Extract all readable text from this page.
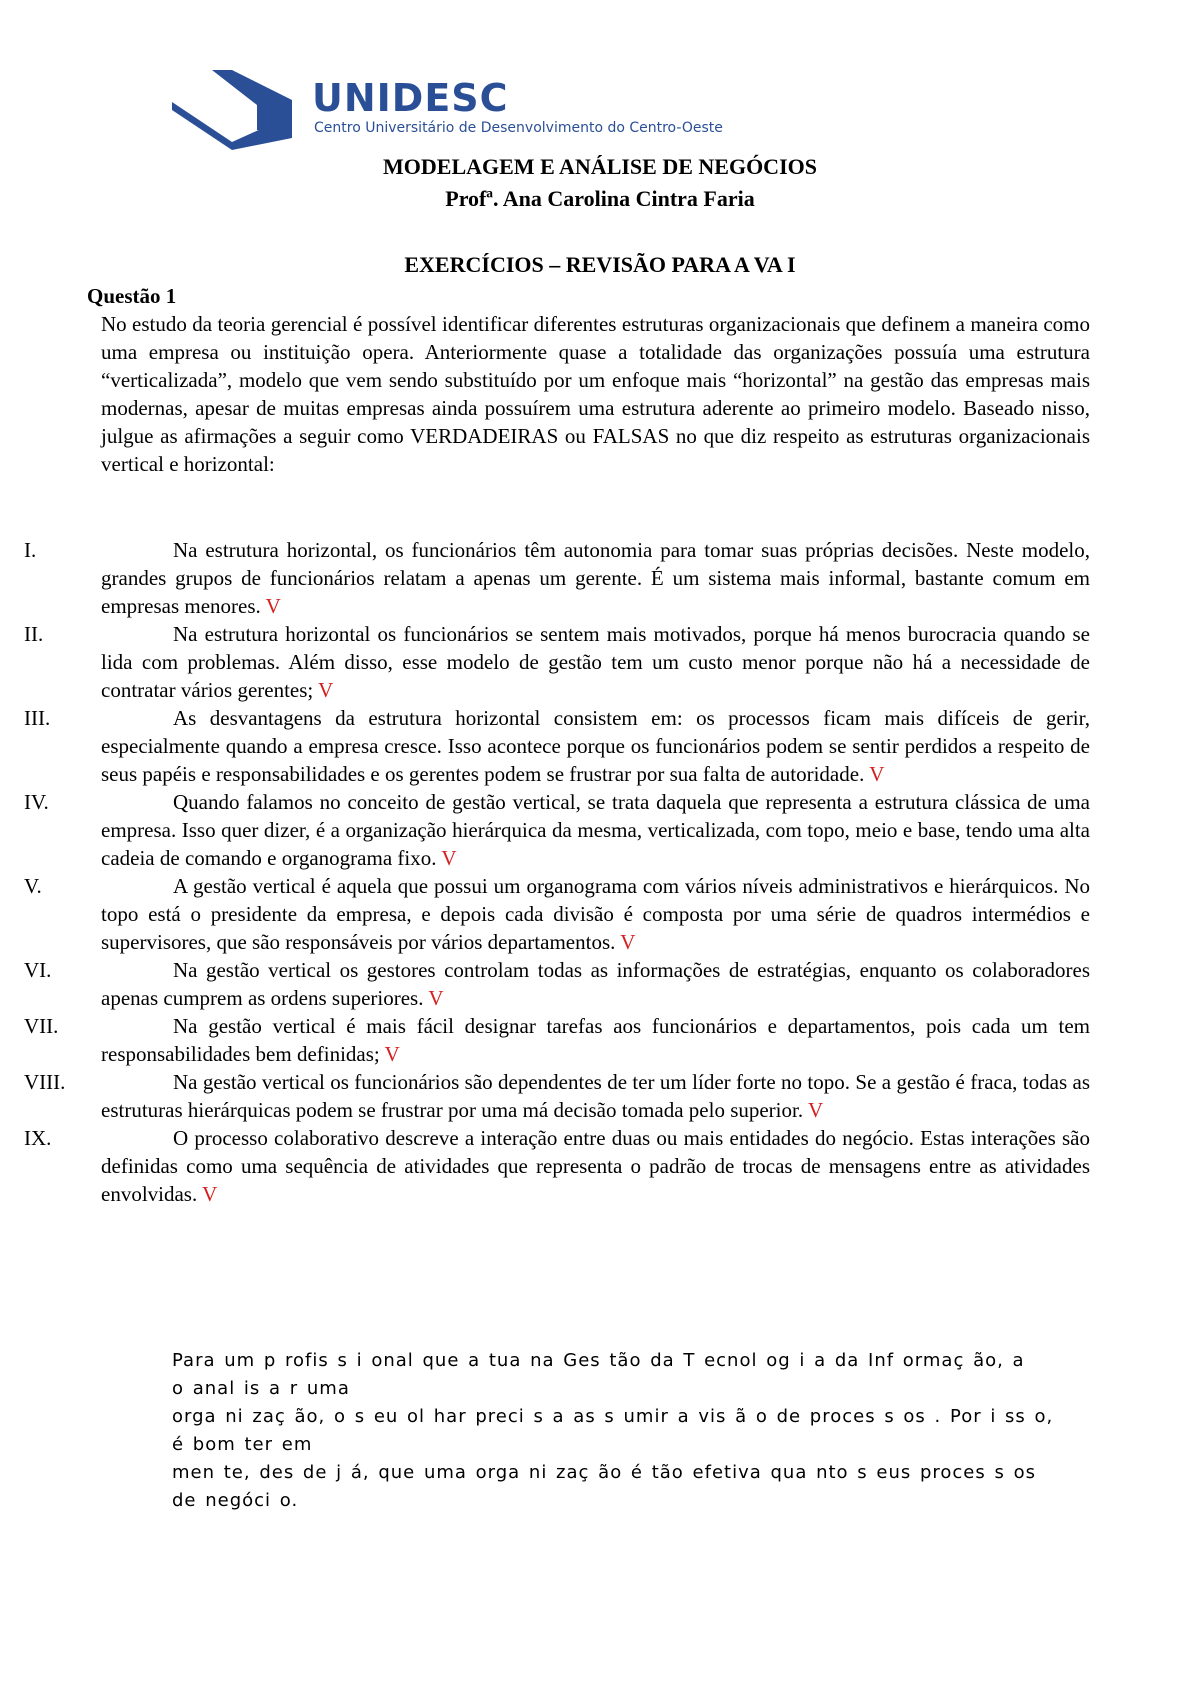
UNIDESC
Centro Universitário de Desenvolvimento do Centro-Oeste
MODELAGEM E ANÁLISE DE NEGÓCIOS
Profª. Ana Carolina Cintra Faria
EXERCÍCIOS – REVISÃO PARA A VA I
Questão 1
No estudo da teoria gerencial é possível identificar diferentes estruturas organizacionais que definem a maneira como uma empresa ou instituição opera. Anteriormente quase a totalidade das organizações possuía uma estrutura “verticalizada”, modelo que vem sendo substituído por um enfoque mais “horizontal” na gestão das empresas mais modernas, apesar de muitas empresas ainda possuírem uma estrutura aderente ao primeiro modelo. Baseado nisso, julgue as afirmações a seguir como VERDADEIRAS ou FALSAS no que diz respeito as estruturas organizacionais vertical e horizontal:
I.	Na estrutura horizontal, os funcionários têm autonomia para tomar suas próprias decisões. Neste modelo, grandes grupos de funcionários relatam a apenas um gerente. É um sistema mais informal, bastante comum em empresas menores. V
II.	Na estrutura horizontal os funcionários se sentem mais motivados, porque há menos burocracia quando se lida com problemas. Além disso, esse modelo de gestão tem um custo menor porque não há a necessidade de contratar vários gerentes; V
III.	As desvantagens da estrutura horizontal consistem em: os processos ficam mais difíceis de gerir, especialmente quando a empresa cresce. Isso acontece porque os funcionários podem se sentir perdidos a respeito de seus papéis e responsabilidades e os gerentes podem se frustrar por sua falta de autoridade. V
IV.	Quando falamos no conceito de gestão vertical, se trata daquela que representa a estrutura clássica de uma empresa. Isso quer dizer, é a organização hierárquica da mesma, verticalizada, com topo, meio e base, tendo uma alta cadeia de comando e organograma fixo. V
V.	A gestão vertical é aquela que possui um organograma com vários níveis administrativos e hierárquicos. No topo está o presidente da empresa, e depois cada divisão é composta por uma série de quadros intermédios e supervisores, que são responsáveis por vários departamentos. V
VI.	Na gestão vertical os gestores controlam todas as informações de estratégias, enquanto os colaboradores apenas cumprem as ordens superiores. V
VII.	Na gestão vertical é mais fácil designar tarefas aos funcionários e departamentos, pois cada um tem responsabilidades bem definidas; V
VIII.	Na gestão vertical os funcionários são dependentes de ter um líder forte no topo. Se a gestão é fraca, todas as estruturas hierárquicas podem se frustrar por uma má decisão tomada pelo superior. V
IX.	O processo colaborativo descreve a interação entre duas ou mais entidades do negócio. Estas interações são definidas como uma sequência de atividades que representa o padrão de trocas de mensagens entre as atividades envolvidas. V
Para um p rofis s i onal que a tua na Ges tão da T ecnol og i a da Inf ormaç ão, a
o anal is a r uma
orga ni zaç ão, o s eu ol har preci s a as s umir a vis ã o de proces s os . Por i ss o,
é bom ter em
men te, des de j á, que uma orga ni zaç ão é tão efetiva qua nto s eus proces s os
de negóci o.
